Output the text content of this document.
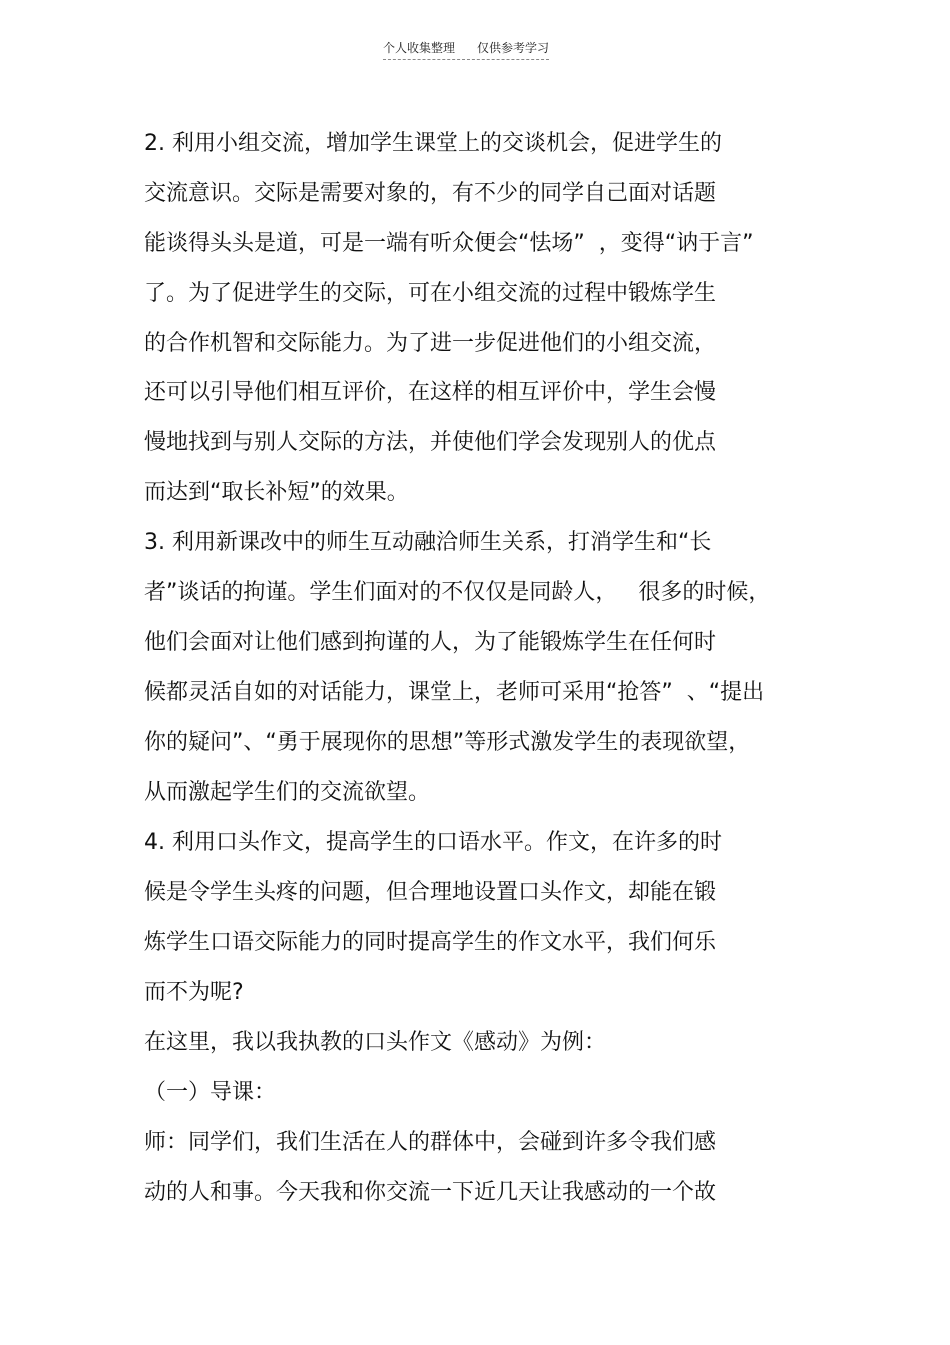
个人收集整理 仅供参考学习
2. 利用小组交流，增加学生课堂上的交谈机会，促进学生的
交流意识。交际是需要对象的，有不少的同学自己面对话题
能谈得头头是道，可是一端有听众便会“怯场”  ，变得“讷于言”
了。为了促进学生的交际，可在小组交流的过程中锻炼学生
的合作机智和交际能力。为了进一步促进他们的小组交流，
还可以引导他们相互评价，在这样的相互评价中，学生会慢
慢地找到与别人交际的方法，并使他们学会发现别人的优点
而达到“取长补短”的效果。
3. 利用新课改中的师生互动融洽师生关系，打消学生和“长
者”谈话的拘谨。学生们面对的不仅仅是同龄人，   很多的时候，
他们会面对让他们感到拘谨的人，为了能锻炼学生在任何时
候都灵活自如的对话能力，课堂上，老师可采用“抢答”  、“提出
你的疑问”、“勇于展现你的思想”等形式激发学生的表现欲望，
从而激起学生们的交流欲望。
4. 利用口头作文，提高学生的口语水平。作文，在许多的时
候是令学生头疼的问题，但合理地设置口头作文，却能在锻
炼学生口语交际能力的同时提高学生的作文水平，我们何乐
而不为呢?
在这里，我以我执教的口头作文《感动》为例：
（一）导课：
师：同学们，我们生活在人的群体中，会碰到许多令我们感
动的人和事。今天我和你交流一下近几天让我感动的一个故
